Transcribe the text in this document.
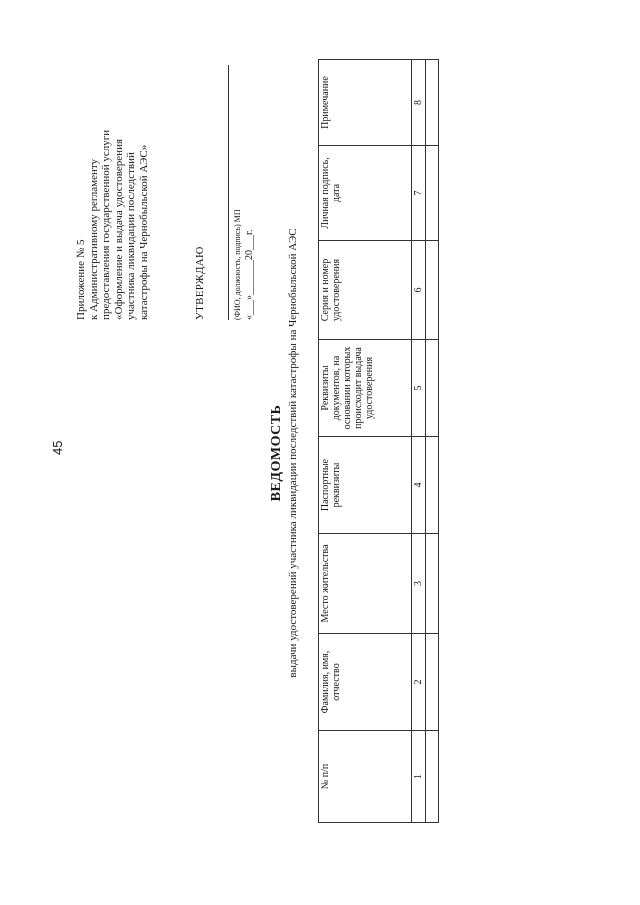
45
Приложение № 5 к Административному регламенту предоставления государственной услуги «Оформление и выдача удостоверения участника ликвидации последствий катастрофы на Чернобыльской АЭС»	УТВЕРЖДАЮ	(ФИО, должность, подпись) МП «___»_______20___г.
ВЕДОМОСТЬ выдачи удостоверений участника ликвидации последствий катастрофы на Чернобыльской АЭС
№ п/п	Фамилия, имя, отчество	Место жительства	Паспортные реквизиты	Реквизиты документов, на основании которых происходит выдача удостоверения	Серия и номер удостоверения	Личная подпись, дата	Примечание
1	2	3	4	5	6	7	8
